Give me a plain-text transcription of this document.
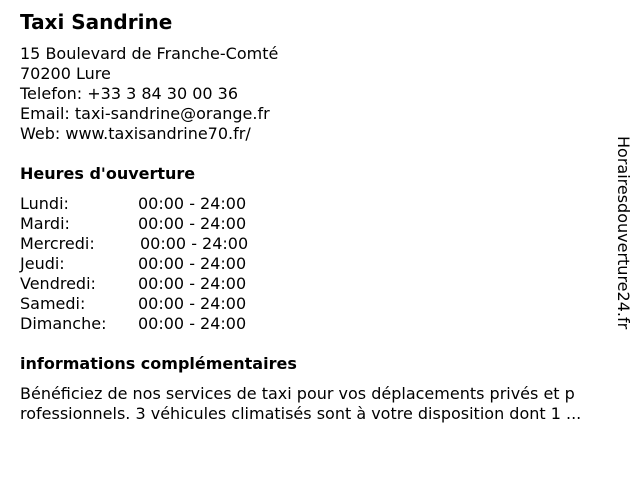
Taxi Sandrine
15 Boulevard de Franche-Comté
70200 Lure
Telefon: +33 3 84 30 00 36
Email: taxi-sandrine@orange.fr
Web: www.taxisandrine70.fr/
Heures d'ouverture
Lundi:	00:00 - 24:00
Mardi:	00:00 - 24:00
Mercredi:	00:00 - 24:00
Jeudi:	00:00 - 24:00
Vendredi:	00:00 - 24:00
Samedi:	00:00 - 24:00
Dimanche: 00:00 - 24:00
informations complémentaires
Bénéficiez de nos services de taxi pour vos déplacements privés et p
rofessionnels. 3 véhicules climatisés sont à votre disposition dont 1 ...
Horairesdouverture24.fr
